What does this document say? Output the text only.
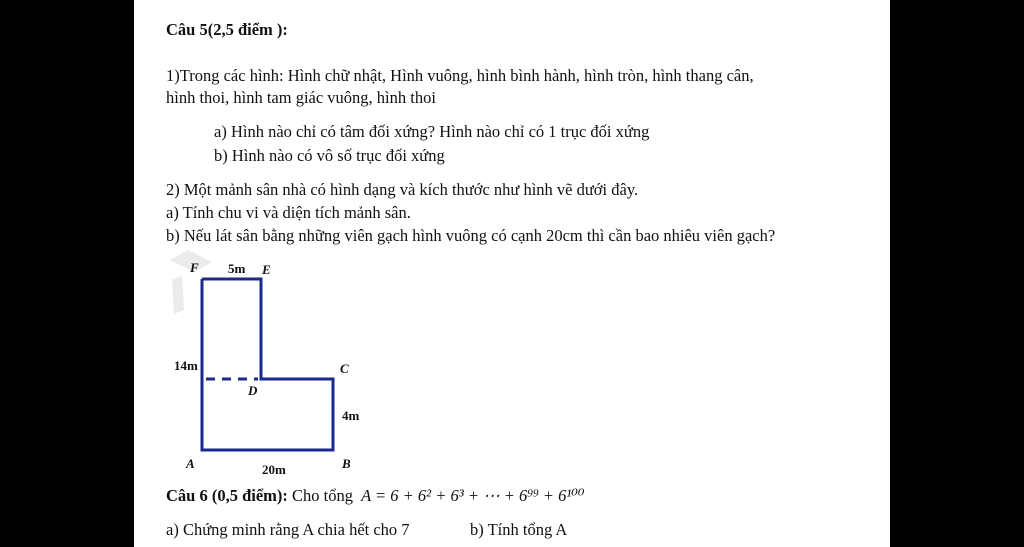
Câu 5(2,5 điểm ):
1)Trong các hình: Hình chữ nhật, Hình vuông, hình bình hành, hình tròn, hình thang cân,
hình thoi, hình tam giác vuông, hình thoi
a) Hình nào chỉ có tâm đối xứng? Hình nào chỉ có 1 trục đối xứng
b) Hình nào có vô số trục đối xứng
2) Một mảnh sân nhà có hình dạng và kích thước như hình vẽ dưới đây.
a) Tính chu vi và diện tích mảnh sân.
b) Nếu lát sân bằng những viên gạch hình vuông có cạnh 20cm thì cần bao nhiêu viên gạch?
F 5m E
14m	C
D
4m
A	20m	B
Câu 6 (0,5 điểm): Cho tổng A = 6 + 6² + 6³ + ⋯ + 6⁹⁹ + 6¹⁰⁰
a) Chứng minh rằng A chia hết cho 7	b) Tính tổng A
